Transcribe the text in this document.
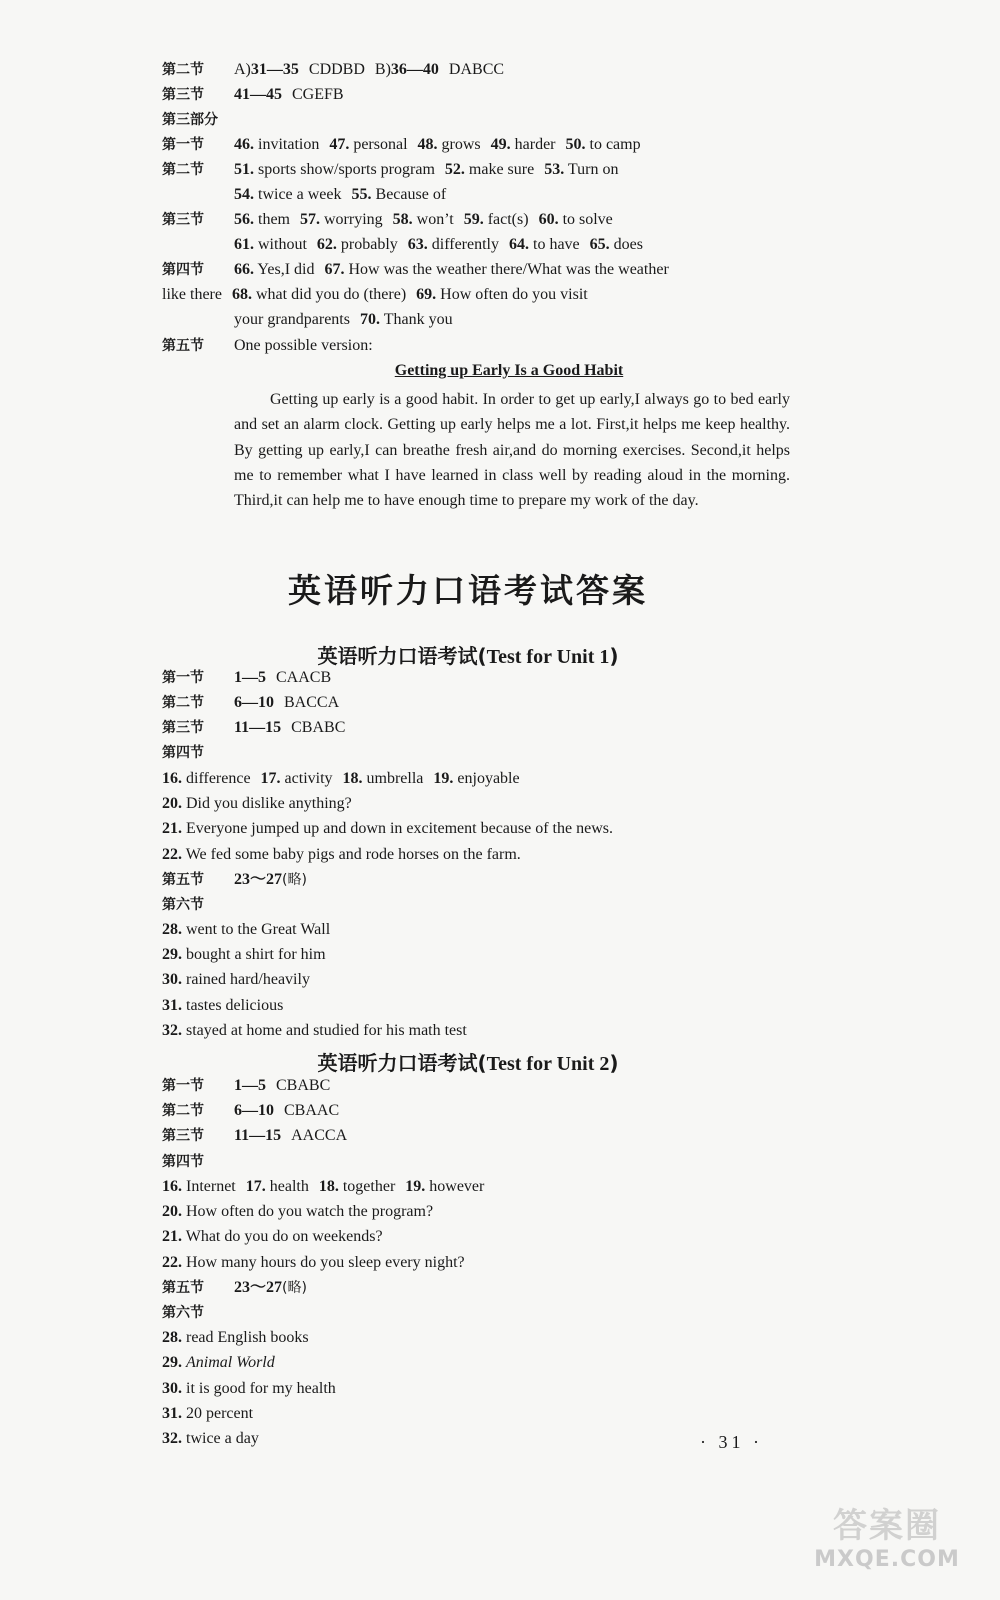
第二节 A)31—35 CDDBD B)36—40 DABCC
第三节 41—45 CGEFB
第三部分
第一节 46. invitation 47. personal 48. grows 49. harder 50. to camp
第二节 51. sports show/sports program 52. make sure 53. Turn on
54. twice a week 55. Because of
第三节 56. them 57. worrying 58. won’t 59. fact(s) 60. to solve
61. without 62. probably 63. differently 64. to have 65. does
第四节 66. Yes,I did 67. How was the weather there/What was the weather
like there 68. what did you do (there) 69. How often do you visit
your grandparents 70. Thank you
第五节 One possible version:
Getting up Early Is a Good Habit
Getting up early is a good habit. In order to get up early,I always go to bed early and set an alarm clock. Getting up early helps me a lot. First,it helps me keep healthy. By getting up early,I can breathe fresh air,and do morning exercises. Second,it helps me to remember what I have learned in class well by reading aloud in the morning. Third,it can help me to have enough time to prepare my work of the day.
英语听力口语考试答案
英语听力口语考试(Test for Unit 1)
第一节 1—5 CAACB
第二节 6—10 BACCA
第三节 11—15 CBABC
第四节
16. difference 17. activity 18. umbrella 19. enjoyable
20. Did you dislike anything?
21. Everyone jumped up and down in excitement because of the news.
22. We fed some baby pigs and rode horses on the farm.
第五节 23～27(略)
第六节
28. went to the Great Wall
29. bought a shirt for him
30. rained hard/heavily
31. tastes delicious
32. stayed at home and studied for his math test
英语听力口语考试(Test for Unit 2)
第一节 1—5 CBABC
第二节 6—10 CBAAC
第三节 11—15 AACCA
第四节
16. Internet 17. health 18. together 19. however
20. How often do you watch the program?
21. What do you do on weekends?
22. How many hours do you sleep every night?
第五节 23～27(略)
第六节
28. read English books
29. Animal World
30. it is good for my health
31. 20 percent
32. twice a day	· 31 ·
答案圈
MXQE.COM
